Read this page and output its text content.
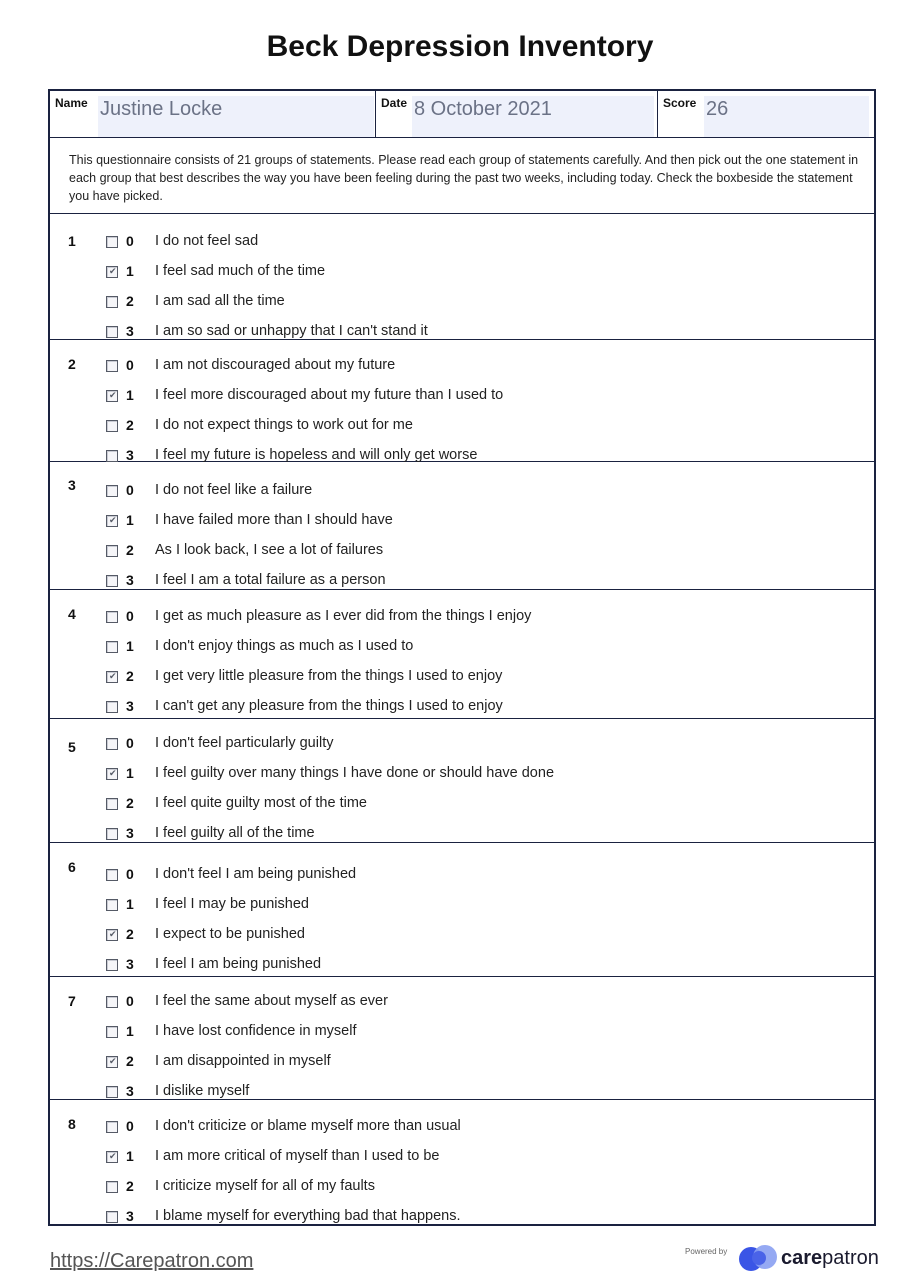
Beck Depression Inventory
Name Justine Locke	Date 8 October 2021	Score 26
This questionnaire consists of 21 groups of statements. Please read each group of statements carefully. And then pick out the one statement in each group that best describes the way you have been feeling during the past two weeks, including today. Check the boxbeside the statement you have picked.
1	0 I do not feel sad
✔ 1 I feel sad much of the time
2 I am sad all the time
3 I am so sad or unhappy that I can't stand it
2	0 I am not discouraged about my future
✔ 1 I feel more discouraged about my future than I used to
2 I do not expect things to work out for me
3 I feel my future is hopeless and will only get worse
3	0 I do not feel like a failure
✔ 1 I have failed more than I should have
2 As I look back, I see a lot of failures
3 I feel I am a total failure as a person
4	0 I get as much pleasure as I ever did from the things I enjoy
1 I don't enjoy things as much as I used to
✔ 2 I get very little pleasure from the things I used to enjoy
3 I can't get any pleasure from the things I used to enjoy
5	0 I don't feel particularly guilty
✔ 1 I feel guilty over many things I have done or should have done
2 I feel quite guilty most of the time
3 I feel guilty all of the time
6	0 I don't feel I am being punished
1 I feel I may be punished
✔ 2 I expect to be punished
3 I feel I am being punished
7	0 I feel the same about myself as ever
1 I have lost confidence in myself
✔ 2 I am disappointed in myself
3 I dislike myself
8	0 I don't criticize or blame myself more than usual
✔ 1 I am more critical of myself than I used to be
2 I criticize myself for all of my faults
3 I blame myself for everything bad that happens.
https://Carepatron.com	Powered by	carepatron
